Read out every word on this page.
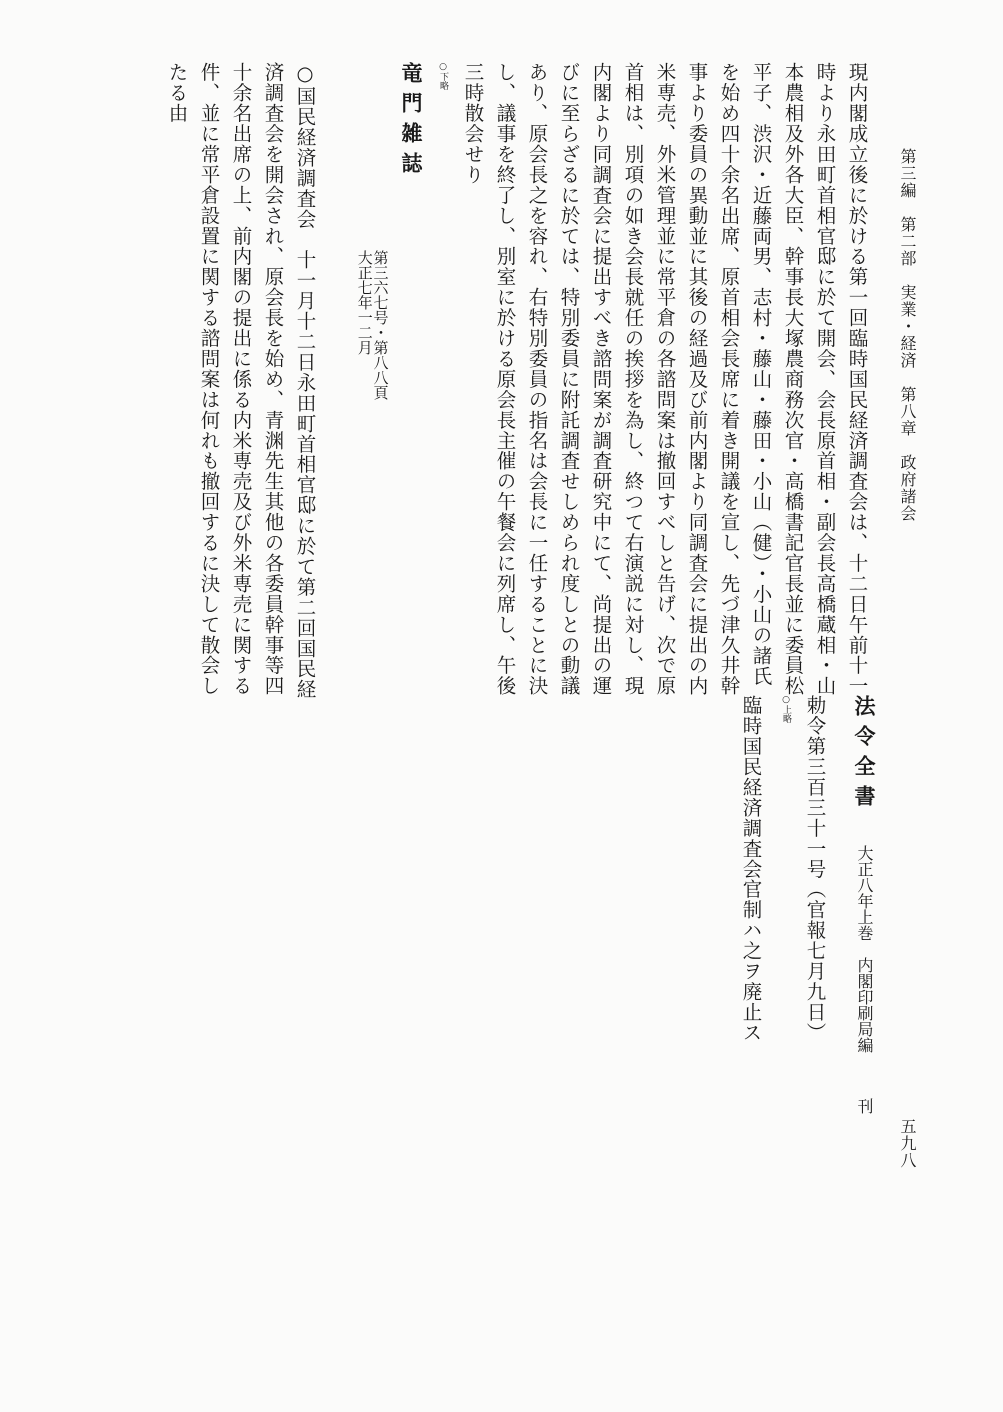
第三編　第二部　実業・経済　第八章　政府諸会
五九八
現内閣成立後に於ける第一回臨時国民経済調査会は、十二日午前十一
時より永田町首相官邸に於て開会、会長原首相・副会長高橋蔵相・山
本農相及外各大臣、幹事長大塚農商務次官・高橋書記官長並に委員松
平子、渋沢・近藤両男、志村・藤山・藤田・小山（健）・小山の諸氏
を始め四十余名出席、原首相会長席に着き開議を宣し、先づ津久井幹
事より委員の異動並に其後の経過及び前内閣より同調査会に提出の内
米専売、外米管理並に常平倉の各諮問案は撤回すべしと告げ、次で原
首相は、別項の如き会長就任の挨拶を為し、終つて右演説に対し、現
内閣より同調査会に提出すべき諮問案が調査研究中にて、尚提出の運
びに至らざるに於ては、特別委員に附託調査せしめられ度しとの動議
あり、原会長之を容れ、右特別委員の指名は会長に一任することに決
し、議事を終了し、別室に於ける原会長主催の午餐会に列席し、午後
三時散会せり
○下略
竜門雑誌
第三六七号・第八八頁
大正七年一二月
○国民経済調査会　十一月十二日永田町首相官邸に於て第二回国民経
済調査会を開会され、原会長を始め、青渊先生其他の各委員幹事等四
十余名出席の上、前内閣の提出に係る内米専売及び外米専売に関する
件、並に常平倉設置に関する諮問案は何れも撤回するに決して散会し
たる由
法令全書
大正八年上巻　内閣印刷局編
刊
勅令第三百三十一号（官報七月九日）
○上略
臨時国民経済調査会官制ハ之ヲ廃止ス
